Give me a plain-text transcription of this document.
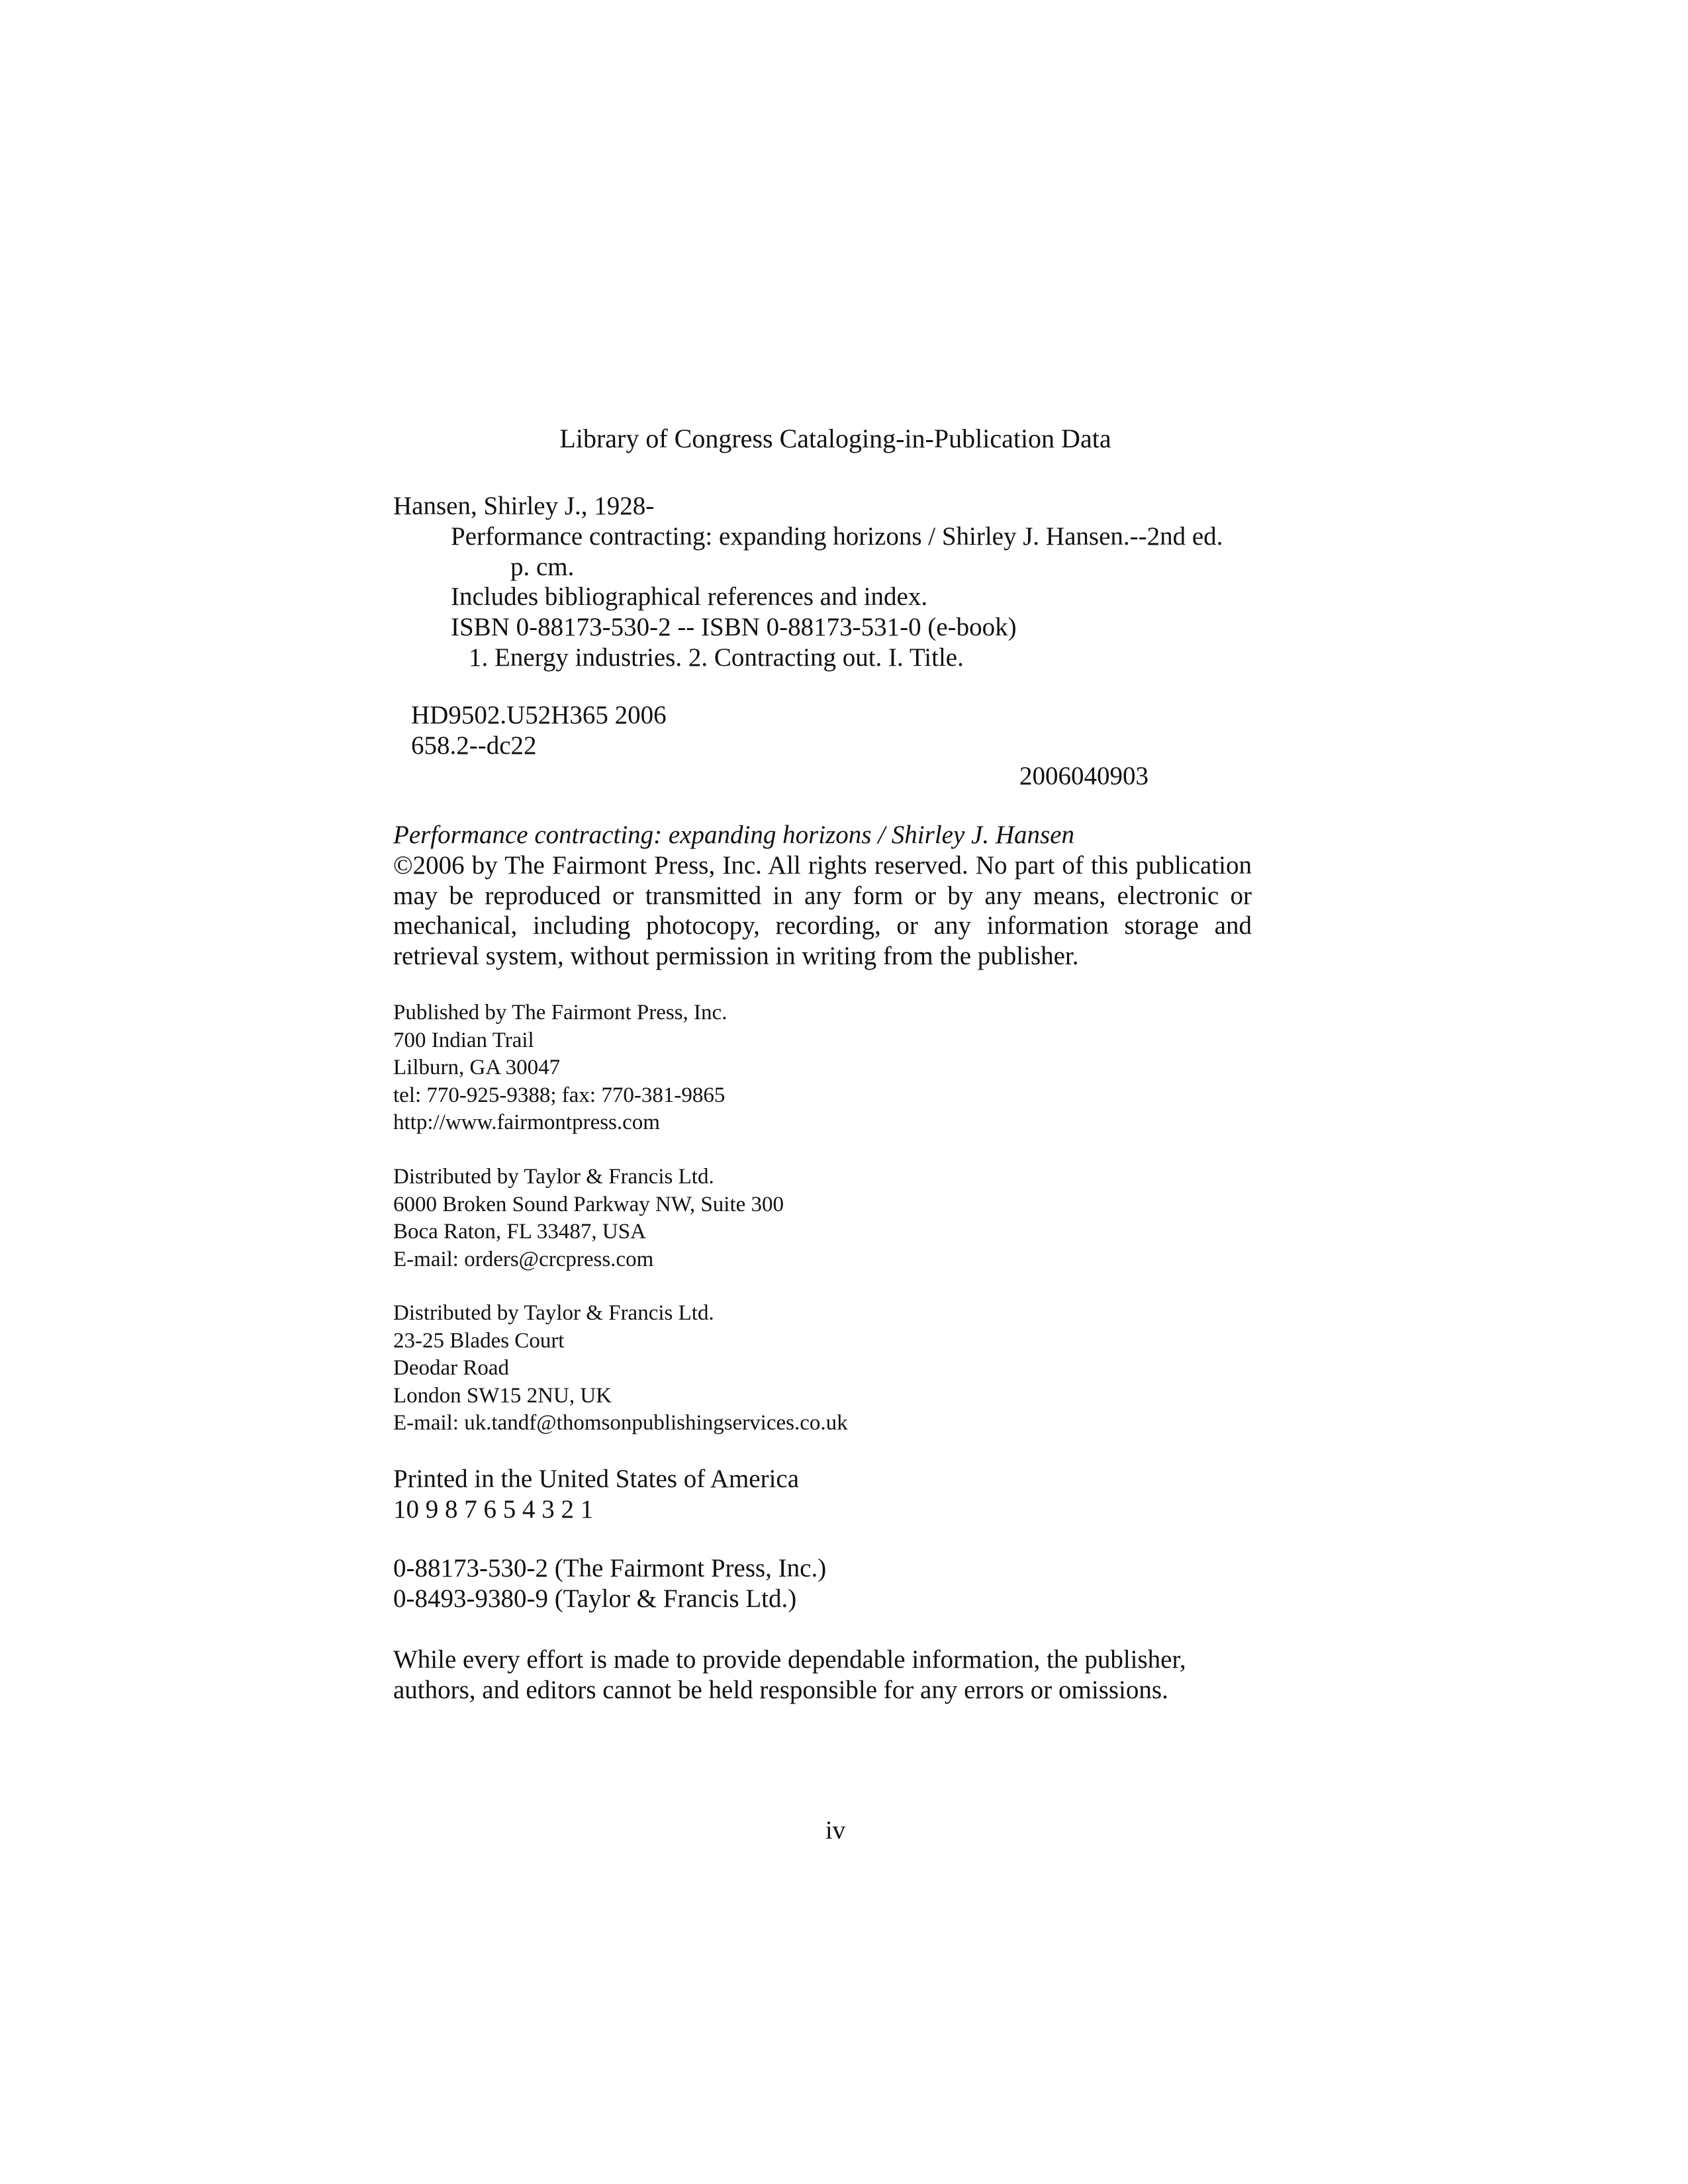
Library of Congress Cataloging-in-Publication Data
Hansen, Shirley J., 1928-
Performance contracting: expanding horizons / Shirley J. Hansen.--2nd ed.
p. cm.
Includes bibliographical references and index.
ISBN 0-88173-530-2 -- ISBN 0-88173-531-0 (e-book)
1. Energy industries. 2. Contracting out. I. Title.
HD9502.U52H365 2006
658.2--dc22
2006040903
Performance contracting: expanding horizons / Shirley J. Hansen
©2006 by The Fairmont Press, Inc. All rights reserved. No part of this publication may be reproduced or transmitted in any form or by any means, electronic or mechanical, including photocopy, recording, or any information storage and retrieval system, without permission in writing from the publisher.
Published by The Fairmont Press, Inc.
700 Indian Trail
Lilburn, GA 30047
tel: 770-925-9388; fax: 770-381-9865
http://www.fairmontpress.com
Distributed by Taylor & Francis Ltd.
6000 Broken Sound Parkway NW, Suite 300
Boca Raton, FL 33487, USA
E-mail: orders@crcpress.com
Distributed by Taylor & Francis Ltd.
23-25 Blades Court
Deodar Road
London SW15 2NU, UK
E-mail: uk.tandf@thomsonpublishingservices.co.uk
Printed in the United States of America
10 9 8 7 6 5 4 3 2 1
0-88173-530-2 (The Fairmont Press, Inc.)
0-8493-9380-9 (Taylor & Francis Ltd.)
While every effort is made to provide dependable information, the publisher, authors, and editors cannot be held responsible for any errors or omissions.
iv
